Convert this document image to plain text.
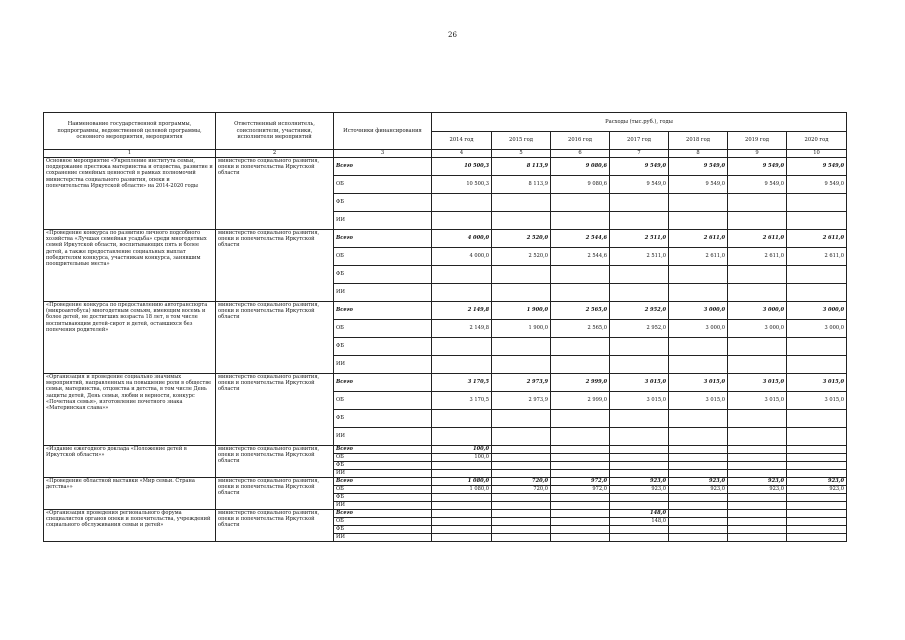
26
Наименование государственной программы, подпрограммы, ведомственной целевой программы, основного мероприятия, мероприятия	Ответственный исполнитель, соисполнители, участники, исполнители мероприятий	Источники финансирования	Расходы (тыс.руб.), годы						
			2014 год	2015 год	2016 год	2017 год	2018 год	2019 год	2020 год
1	2	3	4	5	6	7	8	9	10
Основное мероприятие «Укрепление института семьи, поддержание престижа материнства и отцовства, развитие и сохранение семейных ценностей в рамках полномочий министерства социального развития, опеки и попечительства Иркутской области» на 2014-2020 годы	министерство социального развития, опеки и попечительства Иркутской области	Всего	10 500,3	8 113,9	9 080,6	9 549,0	9 549,0	9 549,0	9 549,0
		ОБ	10 500,3	8 113,9	9 080,6	9 549,0	9 549,0	9 549,0	9 549,0
		ФБ							
		ИИ							
«Проведение конкурса по развитию личного подсобного хозяйства «Лучшая семейная усадьба» среди многодетных семей Иркутской области, воспитывающих пять и более детей, а также предоставление социальных выплат победителям конкурса, участникам конкурса, занявшим поощрительные места»	министерство социального развития, опеки и попечительства Иркутской области	Всего	4 000,0	2 520,0	2 544,6	2 511,0	2 611,0	2 611,0	2 611,0
		ОБ	4 000,0	2 520,0	2 544,6	2 511,0	2 611,0	2 611,0	2 611,0
		ФБ							
		ИИ							
«Проведение конкурса по предоставлению автотранспорта (микроавтобуса) многодетным семьям, имеющим восемь и более детей, не достигших возраста 18 лет, в том числе воспитывающим детей-сирот и детей, оставшихся без попечения родителей»	министерство социального развития, опеки и попечительства Иркутской области	Всего	2 149,8	1 900,0	2 565,0	2 952,0	3 000,0	3 000,0	3 000,0
		ОБ	2 149,8	1 900,0	2 565,0	2 952,0	3 000,0	3 000,0	3 000,0
		ФБ							
		ИИ							
«Организация и проведение социально значимых мероприятий, направленных на повышение роли в обществе семьи, материнства, отцовства и детства, в том числе День защиты детей, День семьи, любви и верности, конкурс «Почетная семья», изготовление почетного знака «Материнская слава»»	министерство социального развития, опеки и попечительства Иркутской области	Всего	3 170,5	2 973,9	2 999,0	3 015,0	3 015,0	3 015,0	3 015,0
		ОБ	3 170,5	2 973,9	2 999,0	3 015,0	3 015,0	3 015,0	3 015,0
		ФБ							
		ИИ							
«Издание ежегодного доклада «Положение детей в Иркутской области»»	министерство социального развития, опеки и попечительства Иркутской области	Всего	100,0						
		ОБ	100,0						
		ФБ							
		ИИ							
«Проведение областной выставки «Мир семьи. Страна детства»»	министерство социального развития, опеки и попечительства Иркутской области	Всего	1 080,0	720,0	972,0	923,0	923,0	923,0	923,0
		ОБ	1 080,0	720,0	972,0	923,0	923,0	923,0	923,0
		ФБ							
		ИИ							
«Организация проведения регионального форума специалистов органов опеки и попечительства, учреждений социального обслуживания семьи и детей»	министерство социального развития, опеки и попечительства Иркутской области	Всего				148,0			
		ОБ				148,0			
		ФБ							
		ИИ							
